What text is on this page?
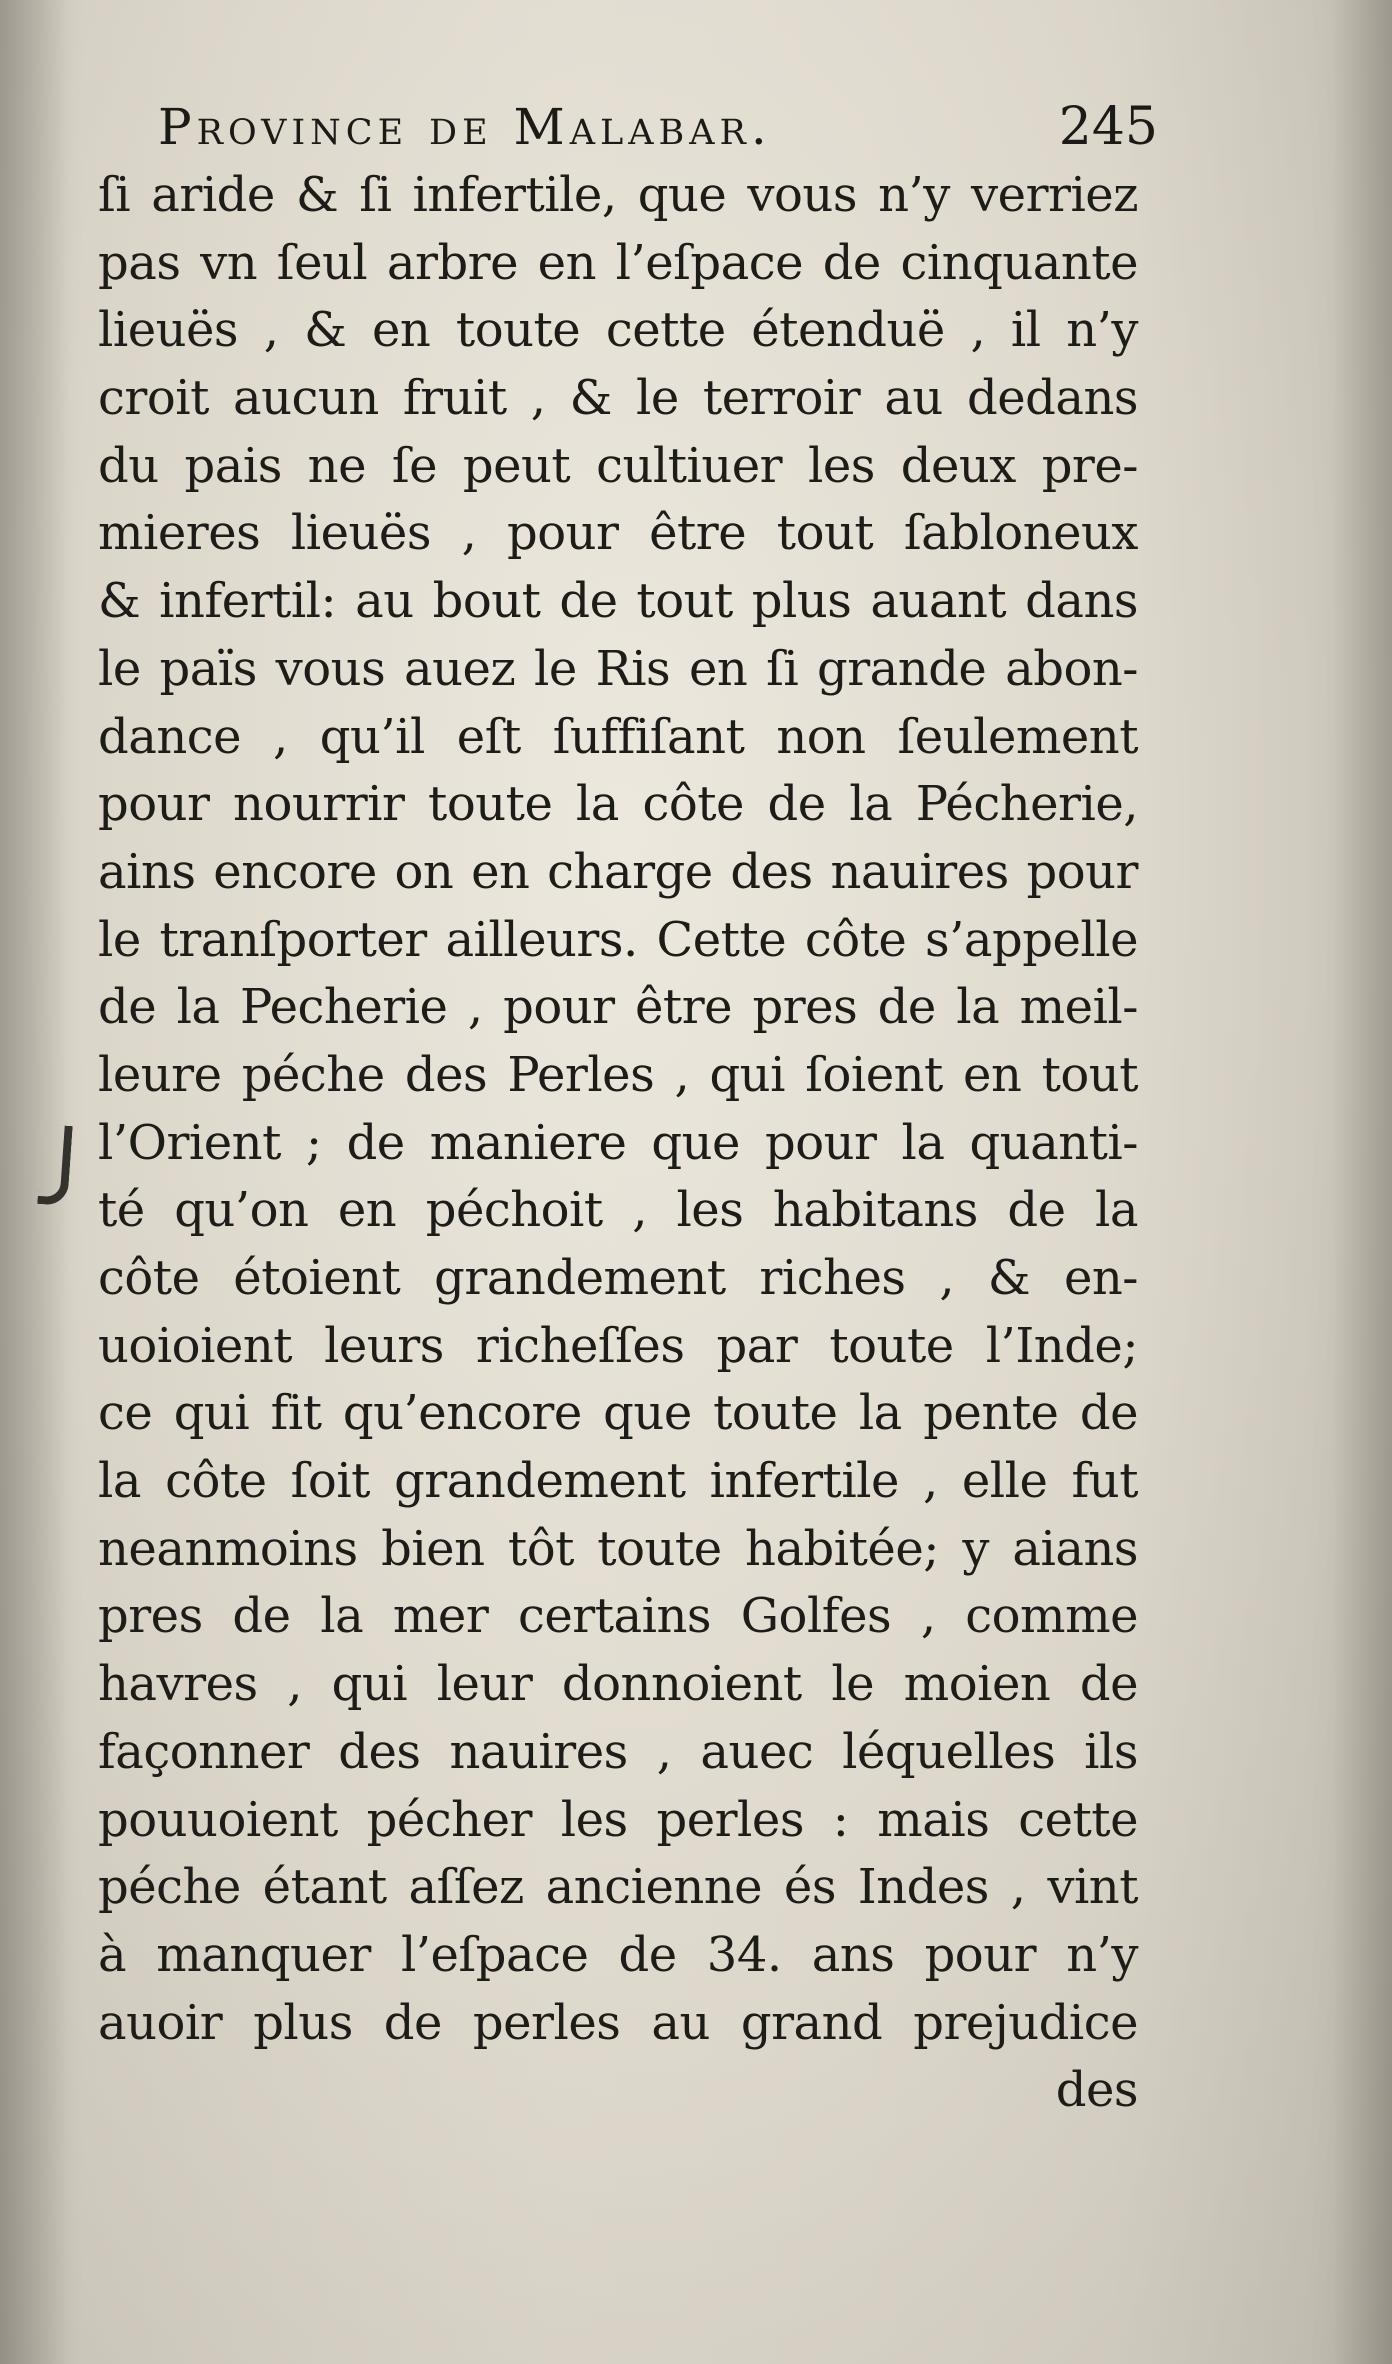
Province de Malabar.	245
ſi aride & ſi infertile, que vous n’y verriez
pas vn ſeul arbre en l’eſpace de cinquante
lieuës , & en toute cette étenduë , il n’y
croit aucun fruit , & le terroir au dedans
du pais ne ſe peut cultiuer les deux pre-
mieres lieuës , pour être tout ſabloneux
& infertil: au bout de tout plus auant dans
le païs vous auez le Ris en ſi grande abon-
dance , qu’il eſt ſuffiſant non ſeulement
pour nourrir toute la côte de la Pécherie,
ains encore on en charge des nauires pour
le tranſporter ailleurs. Cette côte s’appelle
de la Pecherie , pour être pres de la meil-
leure péche des Perles , qui ſoient en tout
l’Orient ; de maniere que pour la quanti-
té qu’on en péchoit , les habitans de la
côte étoient grandement riches , & en-
uoioient leurs richeſſes par toute l’Inde;
ce qui fit qu’encore que toute la pente de
la côte ſoit grandement infertile , elle fut
neanmoins bien tôt toute habitée; y aians
pres de la mer certains Golfes , comme
havres , qui leur donnoient le moien de
façonner des nauires , auec léquelles ils
pouuoient pécher les perles : mais cette
péche étant aſſez ancienne és Indes , vint
à manquer l’eſpace de 34. ans pour n’y
auoir plus de perles au grand prejudice
des
